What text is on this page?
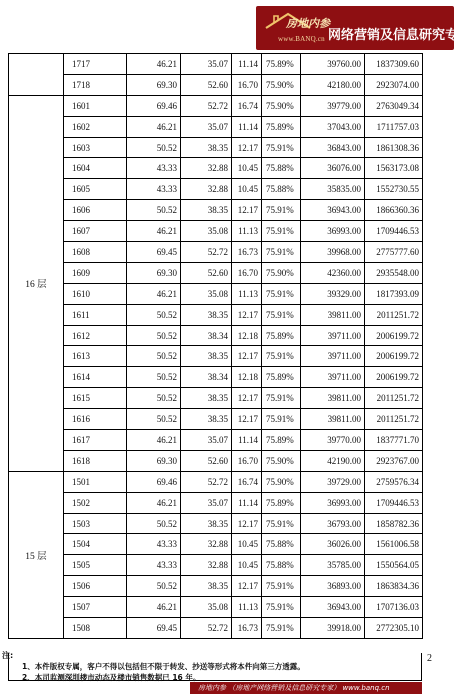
房地内参
www.BANQ.cn 网络营销及信息研究专家
	1717	46.21	35.07	11.14	75.89%	39760.00	1837309.60
	1718	69.30	52.60	16.70	75.90%	42180.00	2923074.00
16 层	1601	69.46	52.72	16.74	75.90%	39779.00	2763049.34
	1602	46.21	35.07	11.14	75.89%	37043.00	1711757.03
	1603	50.52	38.35	12.17	75.91%	36843.00	1861308.36
	1604	43.33	32.88	10.45	75.88%	36076.00	1563173.08
	1605	43.33	32.88	10.45	75.88%	35835.00	1552730.55
	1606	50.52	38.35	12.17	75.91%	36943.00	1866360.36
	1607	46.21	35.08	11.13	75.91%	36993.00	1709446.53
	1608	69.45	52.72	16.73	75.91%	39968.00	2775777.60
	1609	69.30	52.60	16.70	75.90%	42360.00	2935548.00
	1610	46.21	35.08	11.13	75.91%	39329.00	1817393.09
	1611	50.52	38.35	12.17	75.91%	39811.00	2011251.72
	1612	50.52	38.34	12.18	75.89%	39711.00	2006199.72
	1613	50.52	38.35	12.17	75.91%	39711.00	2006199.72
	1614	50.52	38.34	12.18	75.89%	39711.00	2006199.72
	1615	50.52	38.35	12.17	75.91%	39811.00	2011251.72
	1616	50.52	38.35	12.17	75.91%	39811.00	2011251.72
	1617	46.21	35.07	11.14	75.89%	39770.00	1837771.70
	1618	69.30	52.60	16.70	75.90%	42190.00	2923767.00
15 层	1501	69.46	52.72	16.74	75.90%	39729.00	2759576.34
	1502	46.21	35.07	11.14	75.89%	36993.00	1709446.53
	1503	50.52	38.35	12.17	75.91%	36793.00	1858782.36
	1504	43.33	32.88	10.45	75.88%	36026.00	1561006.58
	1505	43.33	32.88	10.45	75.88%	35785.00	1550564.05
	1506	50.52	38.35	12.17	75.91%	36893.00	1863834.36
	1507	46.21	35.08	11.13	75.91%	36943.00	1707136.03
	1508	69.45	52.72	16.73	75.91%	39918.00	2772305.10
注:
1、本件版权专属，客户不得以包括但不限于转发、抄送等形式将本件向第三方透露。
2、本司监测深圳楼市动态及楼市销售数据已 16 年。
2
房地内参 （房地产网络营销及信息研究专家） www.banq.cn
